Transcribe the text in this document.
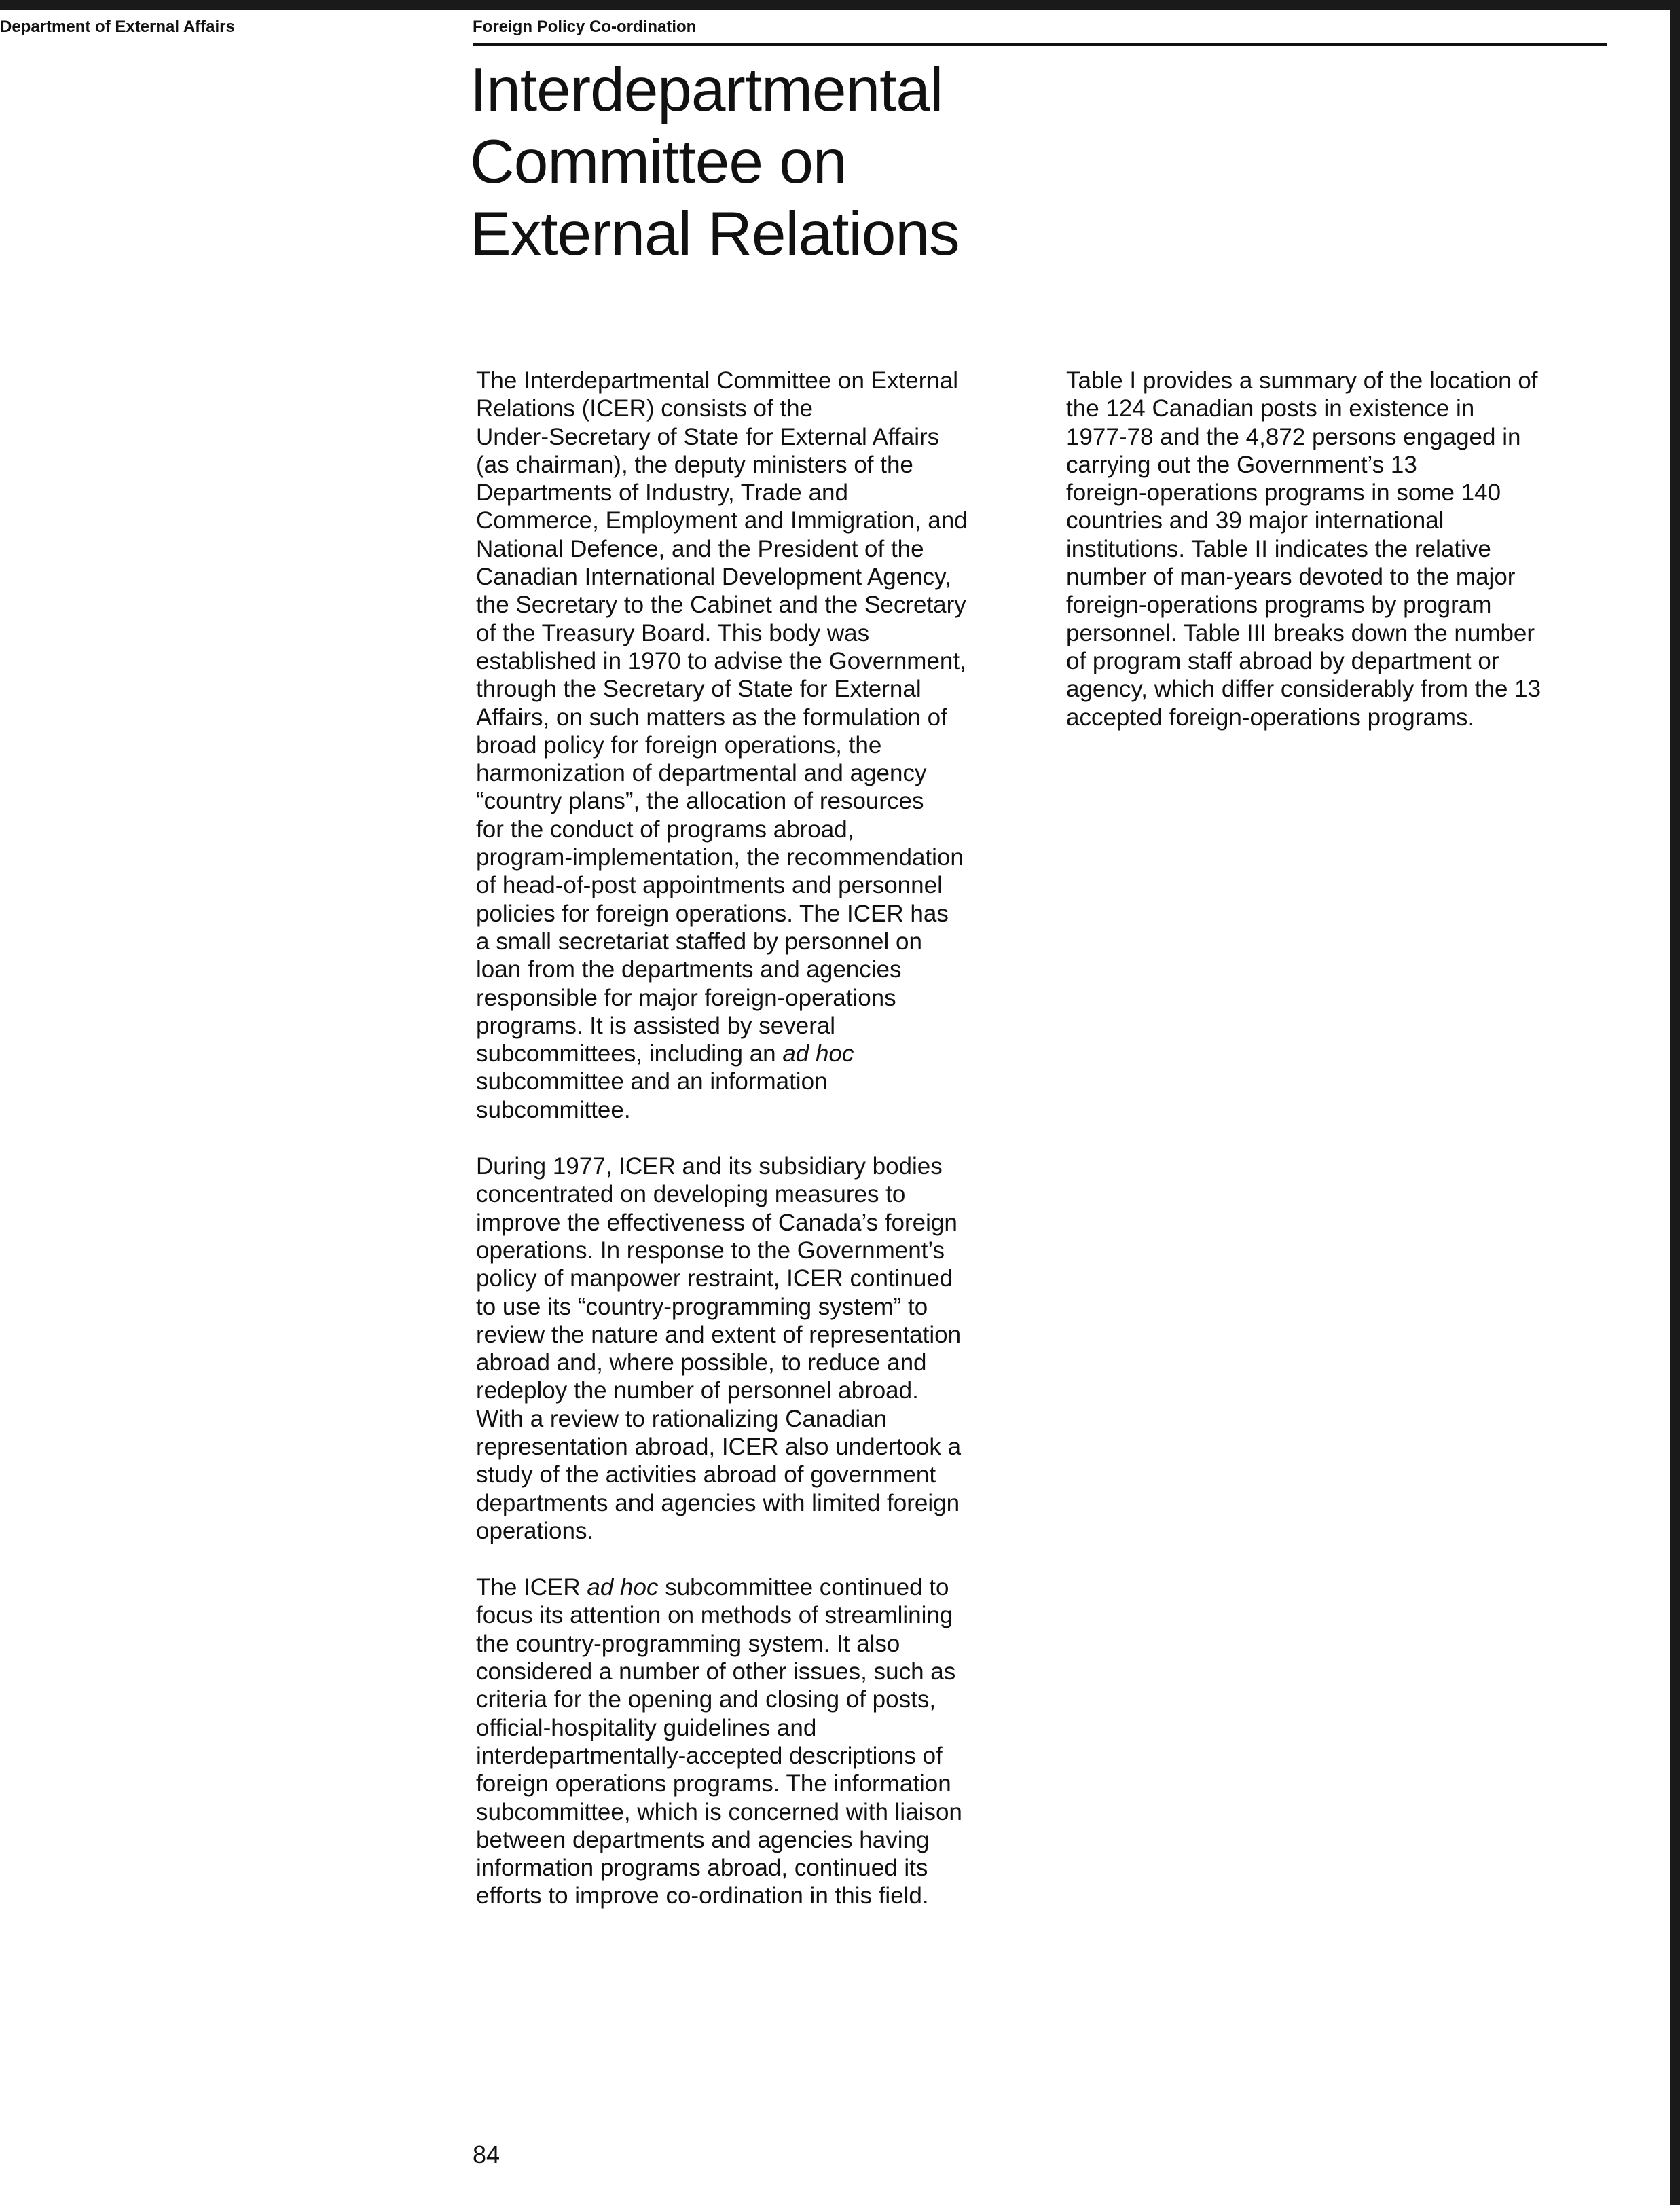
Department of External Affairs	Foreign Policy Co-ordination
Interdepartmental
Committee on
External Relations

The Interdepartmental Committee on External
Relations (ICER) consists of the
Under-Secretary of State for External Affairs
(as chairman), the deputy ministers of the
Departments of Industry, Trade and
Commerce, Employment and Immigration, and
National Defence, and the President of the
Canadian International Development Agency,
the Secretary to the Cabinet and the Secretary
of the Treasury Board. This body was
established in 1970 to advise the Government,
through the Secretary of State for External
Affairs, on such matters as the formulation of
broad policy for foreign operations, the
harmonization of departmental and agency
“country plans”, the allocation of resources
for the conduct of programs abroad,
program-implementation, the recommendation
of head-of-post appointments and personnel
policies for foreign operations. The ICER has
a small secretariat staffed by personnel on
loan from the departments and agencies
responsible for major foreign-operations
programs. It is assisted by several
subcommittees, including an ad hoc
subcommittee and an information
subcommittee.

During 1977, ICER and its subsidiary bodies
concentrated on developing measures to
improve the effectiveness of Canada’s foreign
operations. In response to the Government’s
policy of manpower restraint, ICER continued
to use its “country-programming system” to
review the nature and extent of representation
abroad and, where possible, to reduce and
redeploy the number of personnel abroad.
With a review to rationalizing Canadian
representation abroad, ICER also undertook a
study of the activities abroad of government
departments and agencies with limited foreign
operations.

The ICER ad hoc subcommittee continued to
focus its attention on methods of streamlining
the country-programming system. It also
considered a number of other issues, such as
criteria for the opening and closing of posts,
official-hospitality guidelines and
interdepartmentally-accepted descriptions of
foreign operations programs. The information
subcommittee, which is concerned with liaison
between departments and agencies having
information programs abroad, continued its
efforts to improve co-ordination in this field.

Table I provides a summary of the location of
the 124 Canadian posts in existence in
1977-78 and the 4,872 persons engaged in
carrying out the Government’s 13
foreign-operations programs in some 140
countries and 39 major international
institutions. Table II indicates the relative
number of man-years devoted to the major
foreign-operations programs by program
personnel. Table III breaks down the number
of program staff abroad by department or
agency, which differ considerably from the 13
accepted foreign-operations programs.

84
